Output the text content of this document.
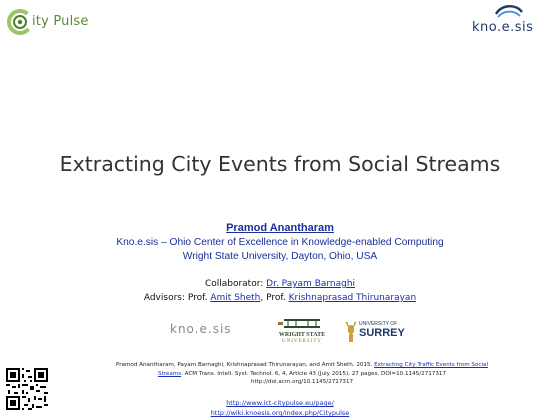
ity Pulse	kno.e.sis
Extracting City Events from Social Streams
Pramod Anantharam
Kno.e.sis – Ohio Center of Excellence in Knowledge-enabled Computing
Wright State University, Dayton, Ohio, USA
Collaborator: Dr. Payam Barnaghi
Advisors: Prof. Amit Sheth, Prof. Krishnaprasad Thirunarayan
kno.e.sis	WRIGHT STATE
UNIVERSITY
UNIVERSITY OF
SURREY
Pramod Anantharam, Payam Barnaghi, Krishnaprasad Thirunarayan, and Amit Sheth. 2015. Extracting City Traffic Events from Social Streams. ACM Trans. Intell. Syst. Technol. 6, 4, Article 43 (July 2015), 27 pages. DOI=10.1145/2717317
http://doi.acm.org/10.1145/2717317
http://www.ict-citypulse.eu/page/
http://wiki.knoesis.org/index.php/Citypulse
